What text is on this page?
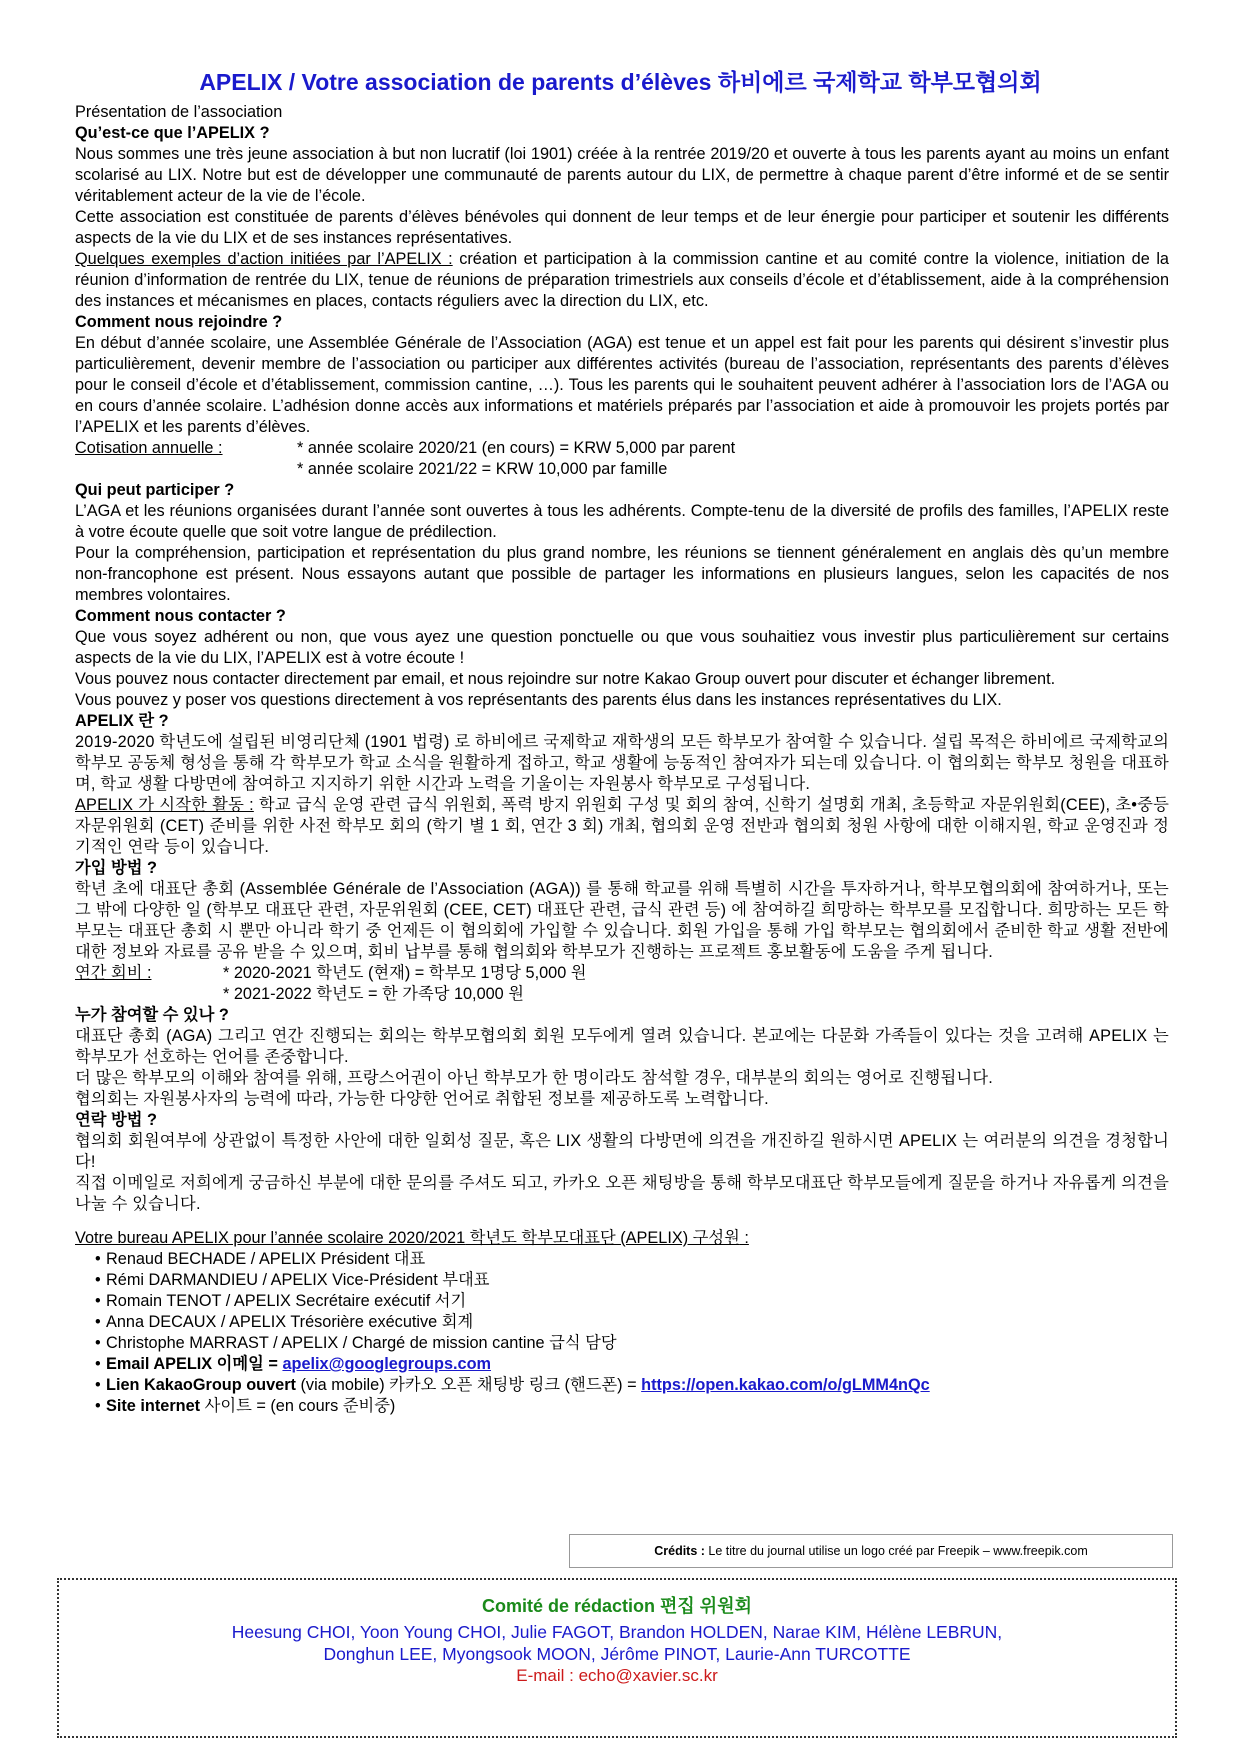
APELIX / Votre association de parents d’élèves 하비에르 국제학교 학부모협의회

Présentation de l’association

Qu’est-ce que l’APELIX ?

Nous sommes une très jeune association à but non lucratif (loi 1901) créée à la rentrée 2019/20 et ouverte à tous les parents ayant au moins un enfant scolarisé au LIX. Notre but est de développer une communauté de parents autour du LIX, de permettre à chaque parent d’être informé et de se sentir véritablement acteur de la vie de l’école.

Cette association est constituée de parents d’élèves bénévoles qui donnent de leur temps et de leur énergie pour participer et soutenir les différents aspects de la vie du LIX et de ses instances représentatives.

Quelques exemples d’action initiées par l’APELIX : création et participation à la commission cantine et au comité contre la violence, initiation de la réunion d’information de rentrée du LIX, tenue de réunions de préparation trimestriels aux conseils d’école et d’établissement, aide à la compréhension des instances et mécanismes en places, contacts réguliers avec la direction du LIX, etc.

Comment nous rejoindre ?

En début d’année scolaire, une Assemblée Générale de l’Association (AGA) est tenue et un appel est fait pour les parents qui désirent s’investir plus particulièrement, devenir membre de l’association ou participer aux différentes activités (bureau de l’association, représentants des parents d’élèves pour le conseil d’école et d’établissement, commission cantine, …). Tous les parents qui le souhaitent peuvent adhérer à l’association lors de l’AGA ou en cours d’année scolaire. L’adhésion donne accès aux informations et matériels préparés par l’association et aide à promouvoir les projets portés par l’APELIX et les parents d’élèves.

Cotisation annuelle :	* année scolaire 2020/21 (en cours) = KRW 5,000 par parent
* année scolaire 2021/22 = KRW 10,000 par famille

Qui peut participer ?

L’AGA et les réunions organisées durant l’année sont ouvertes à tous les adhérents. Compte-tenu de la diversité de profils des familles, l’APELIX reste à votre écoute quelle que soit votre langue de prédilection.

Pour la compréhension, participation et représentation du plus grand nombre, les réunions se tiennent généralement en anglais dès qu’un membre non-francophone est présent. Nous essayons autant que possible de partager les informations en plusieurs langues, selon les capacités de nos membres volontaires.

Comment nous contacter ?

Que vous soyez adhérent ou non, que vous ayez une question ponctuelle ou que vous souhaitiez vous investir plus particulièrement sur certains aspects de la vie du LIX, l’APELIX est à votre écoute !

Vous pouvez nous contacter directement par email, et nous rejoindre sur notre Kakao Group ouvert pour discuter et échanger librement.

Vous pouvez y poser vos questions directement à vos représentants des parents élus dans les instances représentatives du LIX.

APELIX 란 ?

2019-2020 학년도에 설립된 비영리단체 (1901 법령) 로 하비에르 국제학교 재학생의 모든 학부모가 참여할 수 있습니다. 설립 목적은 하비에르 국제학교의 학부모 공동체 형성을 통해 각 학부모가 학교 소식을 원활하게 접하고, 학교 생활에 능동적인 참여자가 되는데 있습니다. 이 협의회는 학부모 청원을 대표하며, 학교 생활 다방면에 참여하고 지지하기 위한 시간과 노력을 기울이는 자원봉사 학부모로 구성됩니다.

APELIX 가 시작한 활동 : 학교 급식 운영 관련 급식 위원회, 폭력 방지 위원회 구성 및 회의 참여, 신학기 설명회 개최, 초등학교 자문위원회(CEE), 초•중등 자문위원회 (CET) 준비를 위한 사전 학부모 회의 (학기 별 1 회, 연간 3 회) 개최, 협의회 운영 전반과 협의회 청원 사항에 대한 이해지원, 학교 운영진과 정기적인 연락 등이 있습니다.

가입 방법 ?

학년 초에 대표단 총회 (Assemblée Générale de l’Association (AGA)) 를 통해 학교를 위해 특별히 시간을 투자하거나, 학부모협의회에 참여하거나, 또는 그 밖에 다양한 일 (학부모 대표단 관련, 자문위원회 (CEE, CET) 대표단 관련, 급식 관련 등) 에 참여하길 희망하는 학부모를 모집합니다. 희망하는 모든 학부모는 대표단 총회 시 뿐만 아니라 학기 중 언제든 이 협의회에 가입할 수 있습니다. 회원 가입을 통해 가입 학부모는 협의회에서 준비한 학교 생활 전반에 대한 정보와 자료를 공유 받을 수 있으며, 회비 납부를 통해 협의회와 학부모가 진행하는 프로젝트 홍보활동에 도움을 주게 됩니다.

연간 회비 :	* 2020-2021 학년도 (현재) = 학부모 1명당 5,000 원
* 2021-2022 학년도 = 한 가족당 10,000 원

누가 참여할 수 있나 ?

대표단 총회 (AGA) 그리고 연간 진행되는 회의는 학부모협의회 회원 모두에게 열려 있습니다. 본교에는 다문화 가족들이 있다는 것을 고려해 APELIX 는 학부모가 선호하는 언어를 존중합니다.

더 많은 학부모의 이해와 참여를 위해, 프랑스어권이 아닌 학부모가 한 명이라도 참석할 경우, 대부분의 회의는 영어로 진행됩니다.

협의회는 자원봉사자의 능력에 따라, 가능한 다양한 언어로 취합된 정보를 제공하도록 노력합니다.

연락 방법 ?

협의회 회원여부에 상관없이 특정한 사안에 대한 일회성 질문, 혹은 LIX 생활의 다방면에 의견을 개진하길 원하시면 APELIX 는 여러분의 의견을 경청합니다!

직접 이메일로 저희에게 궁금하신 부분에 대한 문의를 주셔도 되고, 카카오 오픈 채팅방을 통해 학부모대표단 학부모들에게 질문을 하거나 자유롭게 의견을 나눌 수 있습니다.

Votre bureau APELIX pour l’année scolaire 2020/2021 학년도 학부모대표단 (APELIX) 구성원 :

• Renaud BECHADE / APELIX Président 대표
• Rémi DARMANDIEU / APELIX Vice-Président 부대표
• Romain TENOT / APELIX Secrétaire exécutif 서기
• Anna DECAUX / APELIX Trésorière exécutive 회계
• Christophe MARRAST / APELIX / Chargé de mission cantine 급식 담당
• Email APELIX 이메일 = apelix@googlegroups.com
• Lien KakaoGroup ouvert (via mobile) 카카오 오픈 채팅방 링크 (핸드폰) = https://open.kakao.com/o/gLMM4nQc
• Site internet 사이트 = (en cours 준비중)
Crédits : Le titre du journal utilise un logo créé par Freepik – www.freepik.com
Comité de rédaction 편집 위원회
Heesung CHOI, Yoon Young CHOI, Julie FAGOT, Brandon HOLDEN, Narae KIM, Hélène LEBRUN,
Donghun LEE, Myongsook MOON, Jérôme PINOT, Laurie-Ann TURCOTTE
E-mail : echo@xavier.sc.kr
